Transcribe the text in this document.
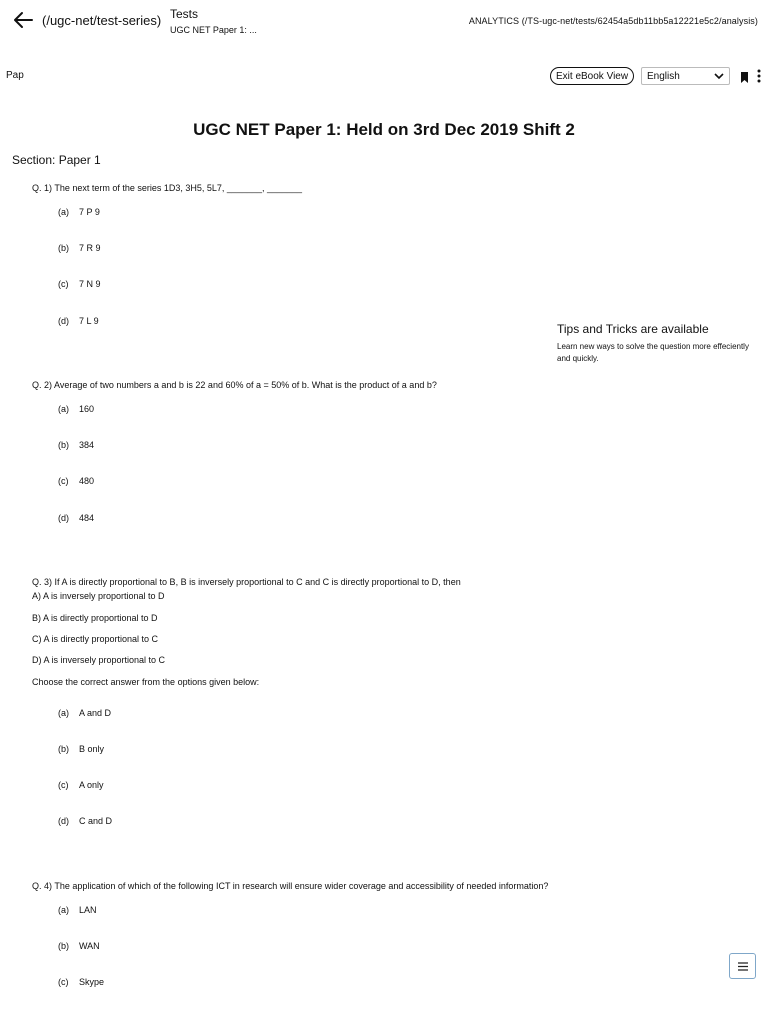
(/ugc-net/test-series) Tests
UGC NET Paper 1: ...
ANALYTICS (/TS-ugc-net/tests/62454a5db11bb5a12221e5c2/analysis)
Pap	Exit eBook View	English
UGC NET Paper 1: Held on 3rd Dec 2019 Shift 2
Section: Paper 1
Q. 1) The next term of the series 1D3, 3H5, 5L7, _______, _______
(a) 7 P 9
(b) 7 R 9
(c) 7 N 9
(d) 7 L 9
Tips and Tricks are available
Learn new ways to solve the question more effeciently and quickly.
Q. 2) Average of two numbers a and b is 22 and 60% of a = 50% of b. What is the product of a and b?
(a) 160
(b) 384
(c) 480
(d) 484
Q. 3) If A is directly proportional to B, B is inversely proportional to C and C is directly proportional to D, then
A) A is inversely proportional to D
B) A is directly proportional to D
C) A is directly proportional to C
D) A is inversely proportional to C
Choose the correct answer from the options given below:
(a) A and D
(b) B only
(c) A only
(d) C and D
Q. 4) The application of which of the following ICT in research will ensure wider coverage and accessibility of needed information?
(a) LAN
(b) WAN
(c) Skype
